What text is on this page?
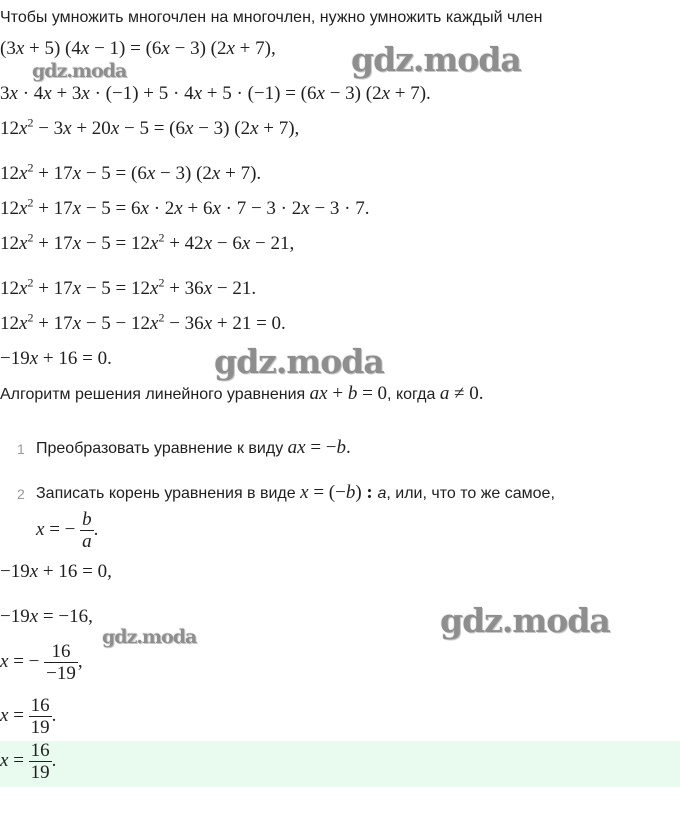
Чтобы умножить многочлен на многочлен, нужно умножить каждый член
(3x + 5) (4x − 1) = (6x − 3) (2x + 7),
3x · 4x + 3x · (−1) + 5 · 4x + 5 · (−1) = (6x − 3) (2x + 7).
$12x^2 - 3x + 20x - 5 = (6x - 3) (2x + 7)$,
$12x^2 + 17x - 5 = (6x - 3) (2x + 7)$.
$12x^2 + 17x - 5 = 6x \cdot 2x + 6x \cdot 7 - 3 \cdot 2x - 3 \cdot 7$.
$12x^2 + 17x - 5 = 12x^2 + 42x - 6x - 21$,
$12x^2 + 17x - 5 = 12x^2 + 36x - 21$.
$12x^2 + 17x - 5 - 12x^2 - 36x + 21 = 0$.
−19x + 16 = 0.
Алгоритм решения линейного уравнения ax + b = 0, когда a ≠ 0.
1 Преобразовать уравнение к виду ax = −b.
2 Записать корень уравнения в виде x = (−b) : a, или, что то же самое,
x = − $\frac{b}{a}$ .
−19x + 16 = 0,
−19x = −16,
x = − $\frac{16}{-19}$ ,
$x = \frac{16}{19}$ .
$x = \frac{16}{19}$ .
gdz.moda
gdz.moda
gdz.moda
gdz.moda
gdz.moda
